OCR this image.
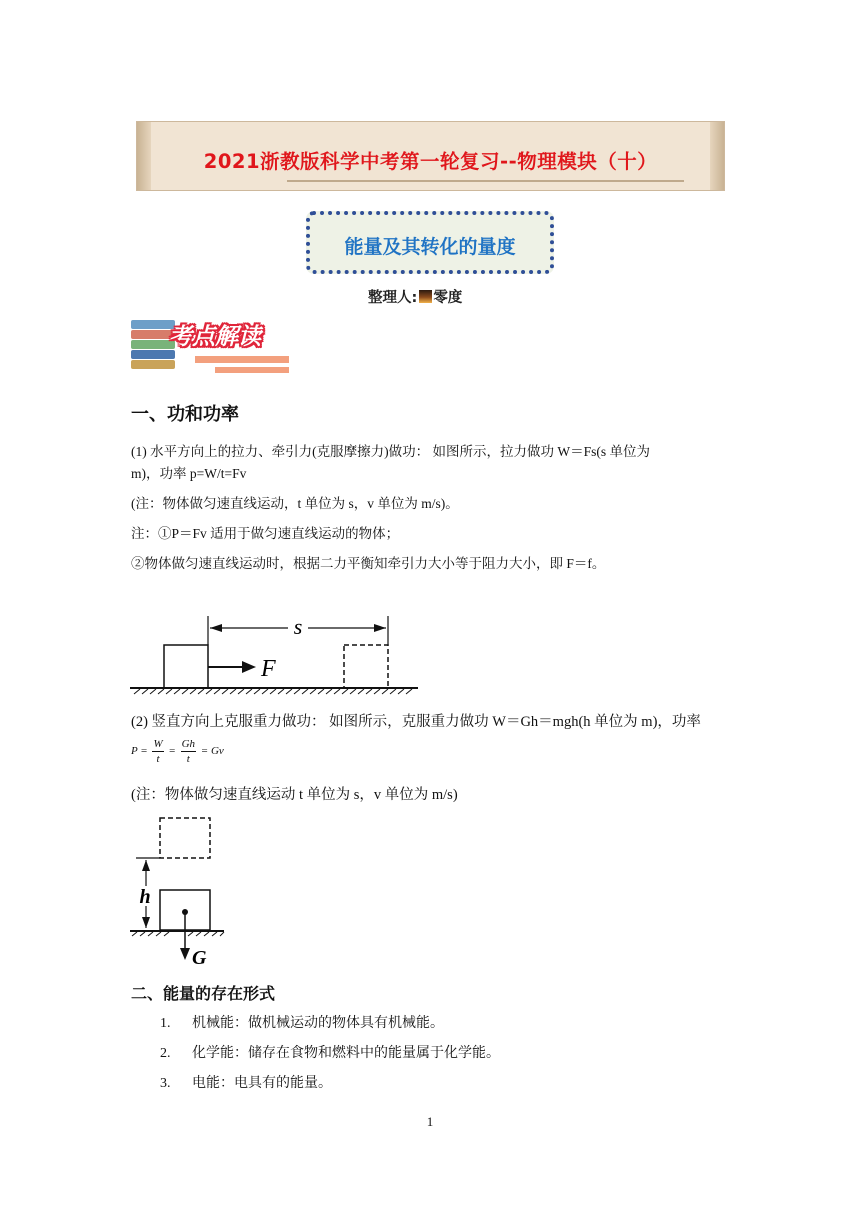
2021浙教版科学中考第一轮复习--物理模块（十）
能量及其转化的量度
整理人: 零度
考点解读
一、功和功率
(1) 水平方向上的拉力、牵引力(克服摩擦力)做功： 如图所示，拉力做功 W＝Fs(s 单位为
m)，功率 p=W/t=Fv
(注：物体做匀速直线运动，t 单位为 s，v 单位为 m/s)。
注：①P＝Fv 适用于做匀速直线运动的物体；
②物体做匀速直线运动时，根据二力平衡知牵引力大小等于阻力大小，即 F＝f。
s
F
(2) 竖直方向上克服重力做功： 如图所示，克服重力做功 W＝Gh＝mgh(h 单位为 m)，功率
$P = \frac{W}{t} = \frac{Gh}{t} = Gv$
(注：物体做匀速直线运动 t 单位为 s，v 单位为 m/s)
h
G
二、能量的存在形式
1. 机械能：做机械运动的物体具有机械能。
2. 化学能：储存在食物和燃料中的能量属于化学能。
3. 电能：电具有的能量。
1
